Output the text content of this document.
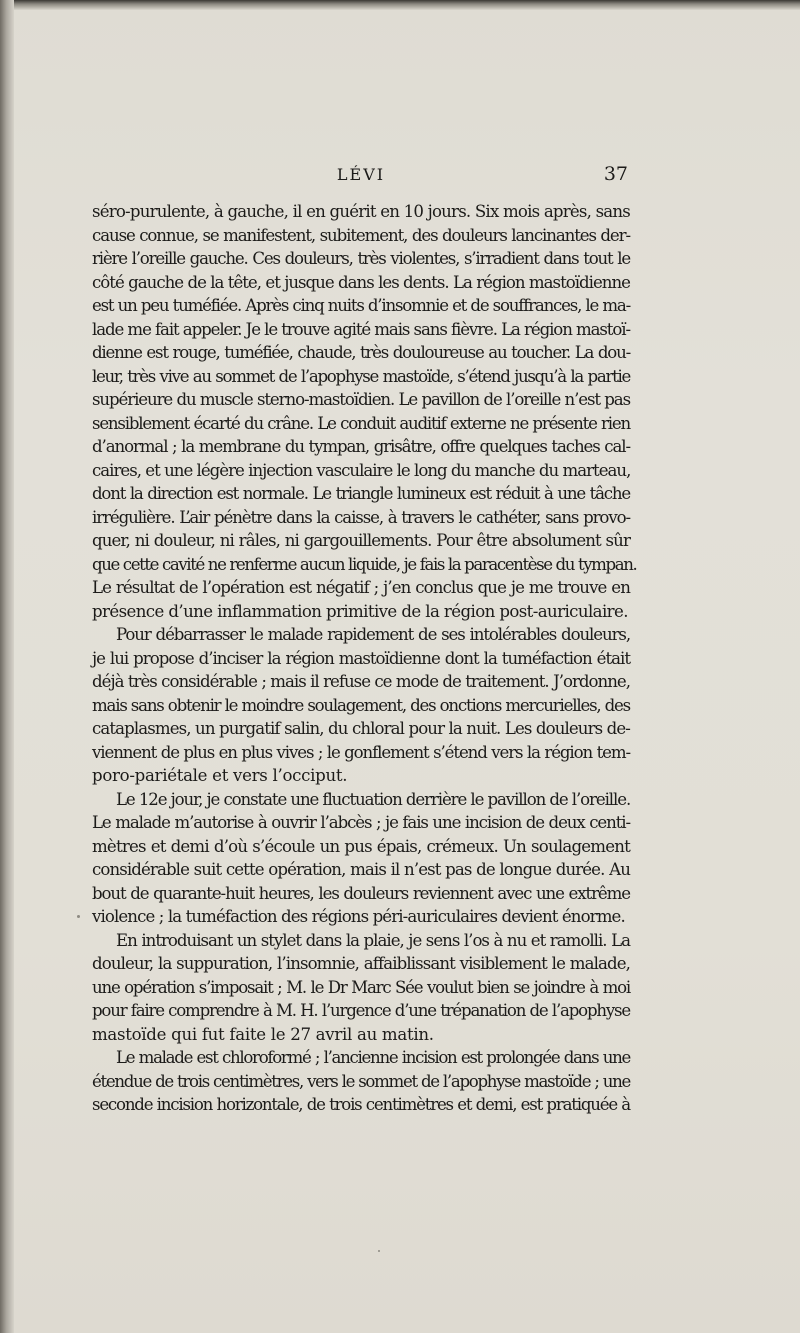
LÉVI	37
séro-purulente, à gauche, il en guérit en 10 jours. Six mois après, sans
cause connue, se manifestent, subitement, des douleurs lancinantes der-
rière l’oreille gauche. Ces douleurs, très violentes, s’irradient dans tout le
côté gauche de la tête, et jusque dans les dents. La région mastoïdienne
est un peu tuméfiée. Après cinq nuits d’insomnie et de souffrances, le ma-
lade me fait appeler. Je le trouve agité mais sans fièvre. La région mastoï-
dienne est rouge, tuméfiée, chaude, très douloureuse au toucher. La dou-
leur, très vive au sommet de l’apophyse mastoïde, s’étend jusqu’à la partie
supérieure du muscle sterno-mastoïdien. Le pavillon de l’oreille n’est pas
sensiblement écarté du crâne. Le conduit auditif externe ne présente rien
d’anormal ; la membrane du tympan, grisâtre, offre quelques taches cal-
caires, et une légère injection vasculaire le long du manche du marteau,
dont la direction est normale. Le triangle lumineux est réduit à une tâche
irrégulière. L’air pénètre dans la caisse, à travers le cathéter, sans provo-
quer, ni douleur, ni râles, ni gargouillements. Pour être absolument sûr
que cette cavité ne renferme aucun liquide, je fais la paracentèse du tympan.
Le résultat de l’opération est négatif ; j’en conclus que je me trouve en
présence d’une inflammation primitive de la région post-auriculaire.
Pour débarrasser le malade rapidement de ses intolérables douleurs,
je lui propose d’inciser la région mastoïdienne dont la tuméfaction était
déjà très considérable ; mais il refuse ce mode de traitement. J’ordonne,
mais sans obtenir le moindre soulagement, des onctions mercurielles, des
cataplasmes, un purgatif salin, du chloral pour la nuit. Les douleurs de-
viennent de plus en plus vives ; le gonflement s’étend vers la région tem-
poro-pariétale et vers l’occiput.
Le 12e jour, je constate une fluctuation derrière le pavillon de l’oreille.
Le malade m’autorise à ouvrir l’abcès ; je fais une incision de deux centi-
mètres et demi d’où s’écoule un pus épais, crémeux. Un soulagement
considérable suit cette opération, mais il n’est pas de longue durée. Au
bout de quarante-huit heures, les douleurs reviennent avec une extrême
violence ; la tuméfaction des régions péri-auriculaires devient énorme.
En introduisant un stylet dans la plaie, je sens l’os à nu et ramolli. La
douleur, la suppuration, l’insomnie, affaiblissant visiblement le malade,
une opération s’imposait ; M. le Dr Marc Sée voulut bien se joindre à moi
pour faire comprendre à M. H. l’urgence d’une trépanation de l’apophyse
mastoïde qui fut faite le 27 avril au matin.
Le malade est chloroformé ; l’ancienne incision est prolongée dans une
étendue de trois centimètres, vers le sommet de l’apophyse mastoïde ; une
seconde incision horizontale, de trois centimètres et demi, est pratiquée à
